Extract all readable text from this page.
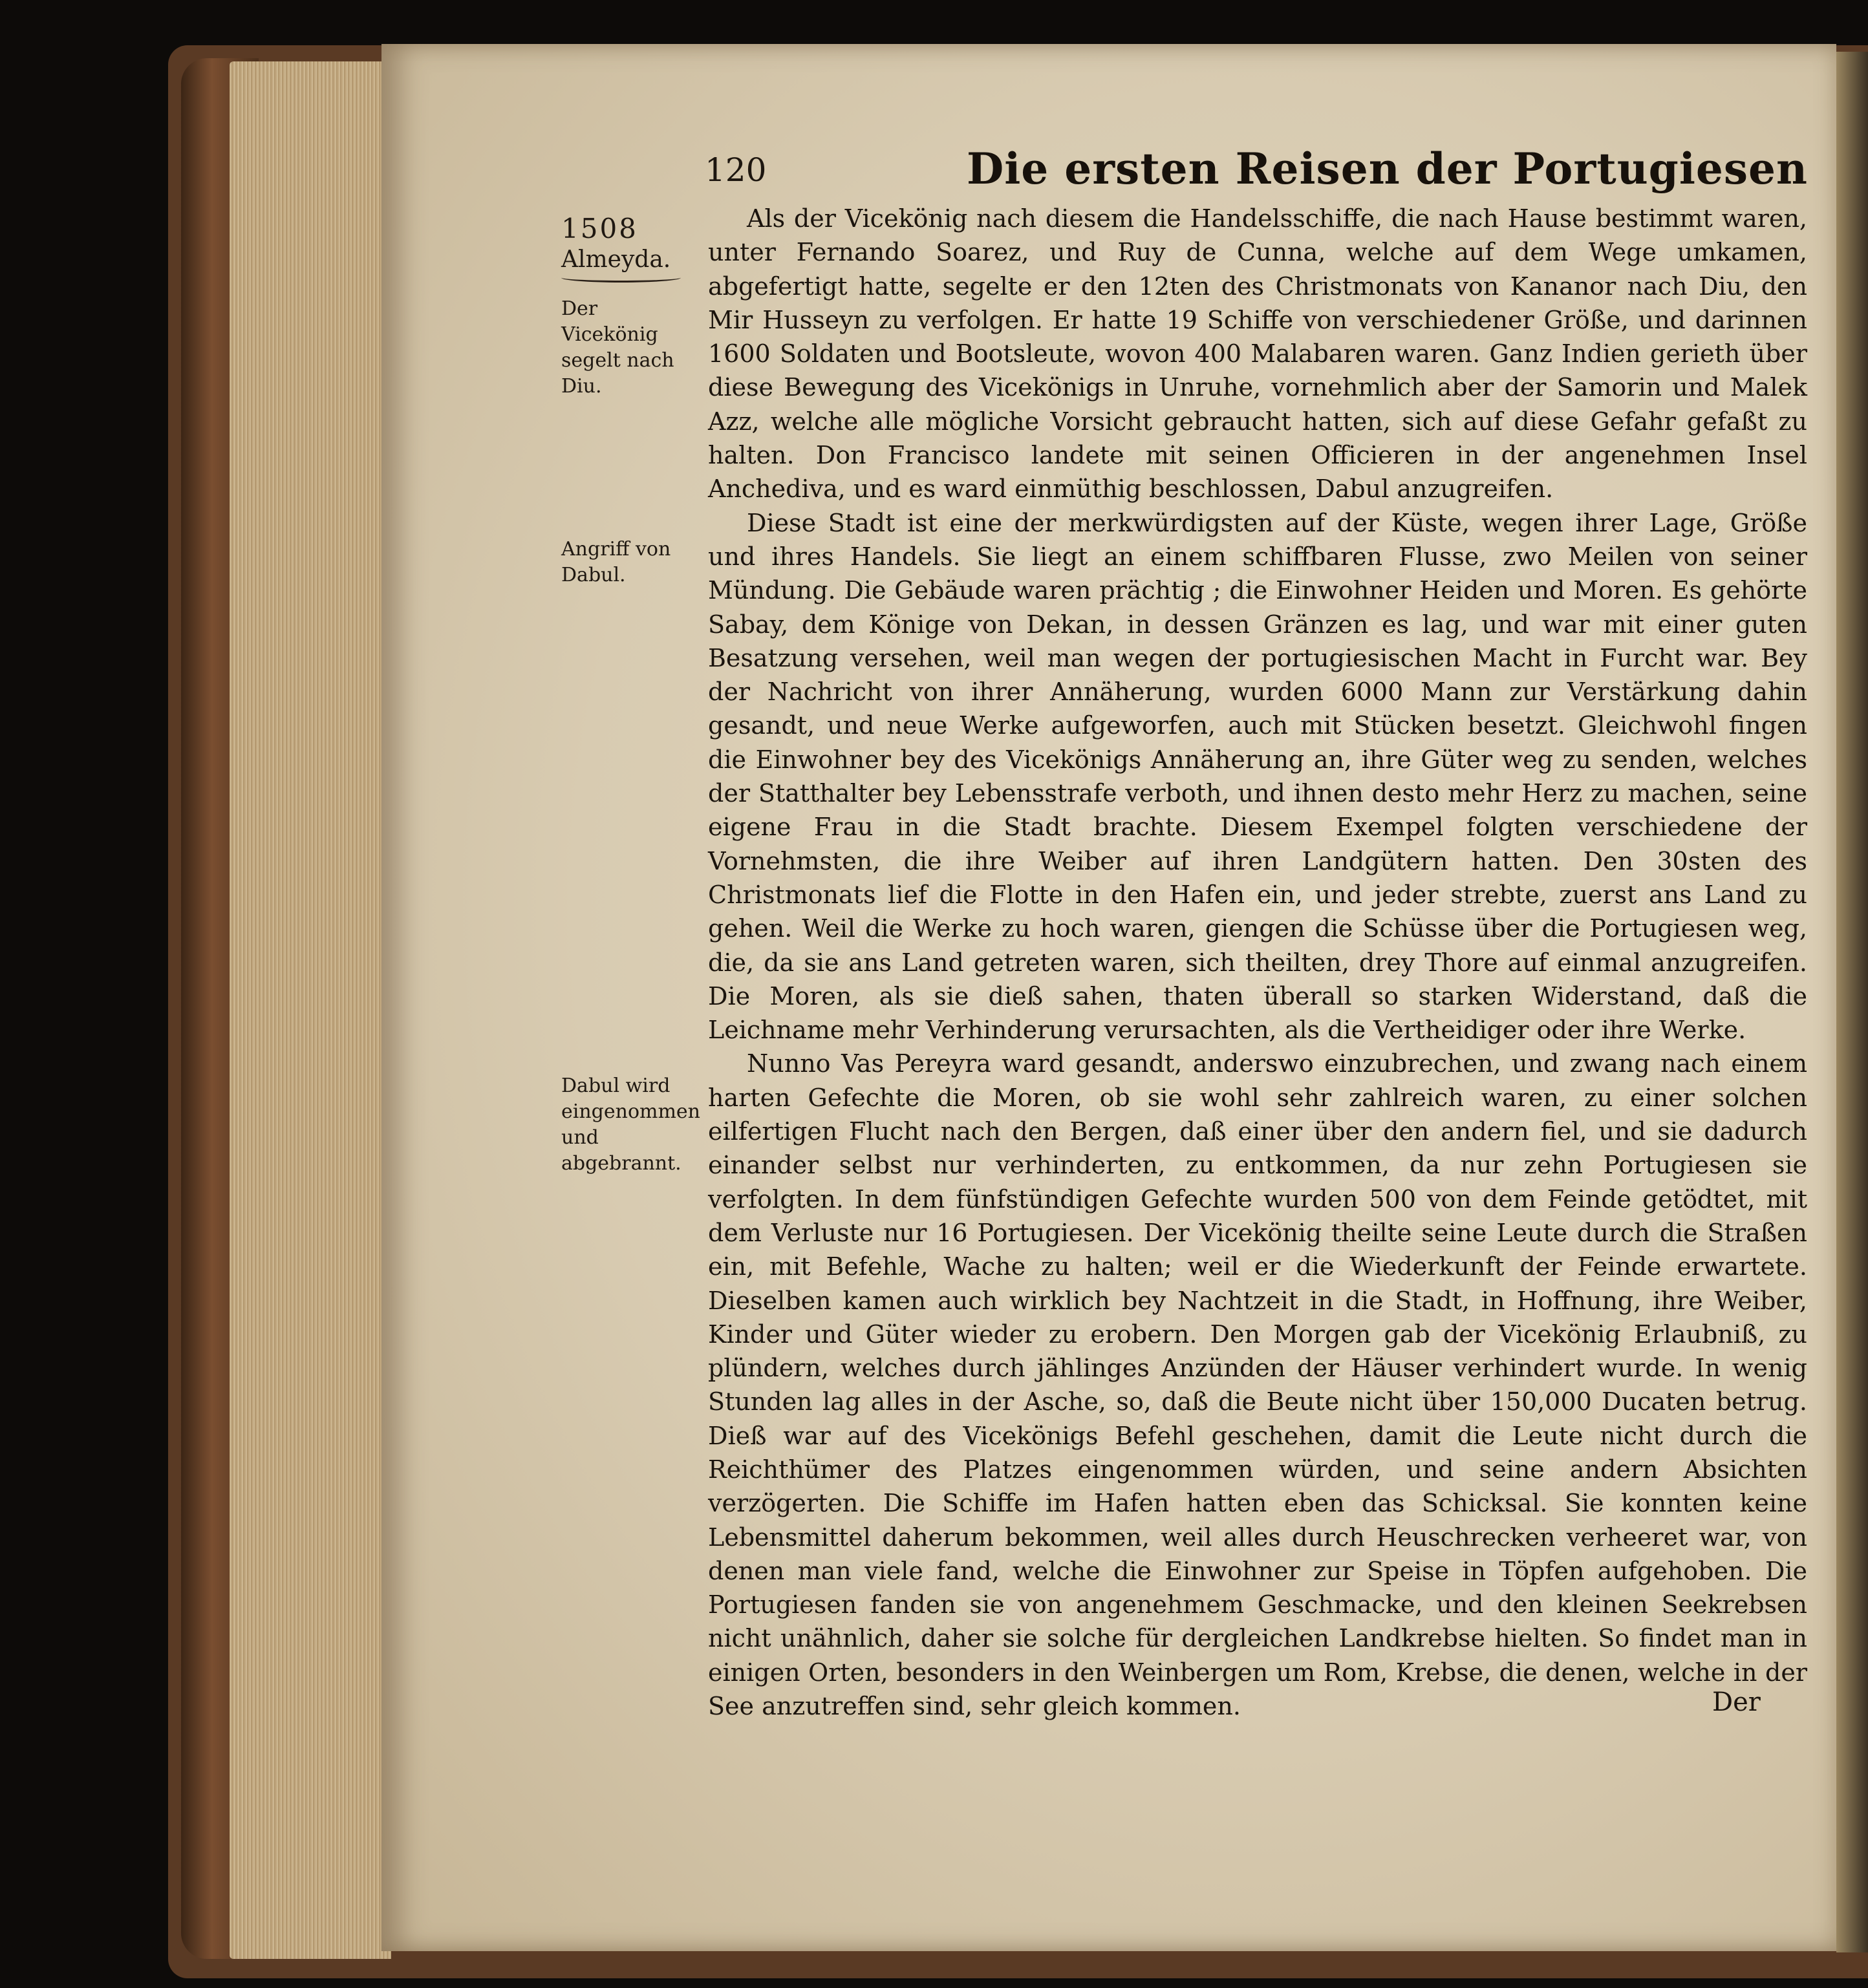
120	Die ersten Reisen der Portugiesen
1508
Almeyda.
Der Vicekönig segelt nach Diu.
Angriff von Dabul.
Dabul wird eingenommen und abgebrannt.

Als der Vicekönig nach diesem die Handelsschiffe, die nach Hause bestimmt waren, unter Fernando Soarez, und Ruy de Cunna, welche auf dem Wege umkamen, abgefertigt hatte, segelte er den 12ten des Christmonats von Kananor nach Diu, den Mir Husseyn zu verfolgen. Er hatte 19 Schiffe von verschiedener Größe, und darinnen 1600 Soldaten und Bootsleute, wovon 400 Malabaren waren. Ganz Indien gerieth über diese Bewegung des Vicekönigs in Unruhe, vornehmlich aber der Samorin und Malek Azz, welche alle mögliche Vorsicht gebraucht hatten, sich auf diese Gefahr gefaßt zu halten. Don Francisco landete mit seinen Officieren in der angenehmen Insel Anchediva, und es ward einmüthig beschlossen, Dabul anzugreifen.

Diese Stadt ist eine der merkwürdigsten auf der Küste, wegen ihrer Lage, Größe und ihres Handels. Sie liegt an einem schiffbaren Flusse, zwo Meilen von seiner Mündung. Die Gebäude waren prächtig ; die Einwohner Heiden und Moren. Es gehörte Sabay, dem Könige von Dekan, in dessen Gränzen es lag, und war mit einer guten Besatzung versehen, weil man wegen der portugiesischen Macht in Furcht war. Bey der Nachricht von ihrer Annäherung, wurden 6000 Mann zur Verstärkung dahin gesandt, und neue Werke aufgeworfen, auch mit Stücken besetzt. Gleichwohl fingen die Einwohner bey des Vicekönigs Annäherung an, ihre Güter weg zu senden, welches der Statthalter bey Lebensstrafe verboth, und ihnen desto mehr Herz zu machen, seine eigene Frau in die Stadt brachte. Diesem Exempel folgten verschiedene der Vornehmsten, die ihre Weiber auf ihren Landgütern hatten. Den 30sten des Christmonats lief die Flotte in den Hafen ein, und jeder strebte, zuerst ans Land zu gehen. Weil die Werke zu hoch waren, giengen die Schüsse über die Portugiesen weg, die, da sie ans Land getreten waren, sich theilten, drey Thore auf einmal anzugreifen. Die Moren, als sie dieß sahen, thaten überall so starken Widerstand, daß die Leichname mehr Verhinderung verursachten, als die Vertheidiger oder ihre Werke.

Nunno Vas Pereyra ward gesandt, anderswo einzubrechen, und zwang nach einem harten Gefechte die Moren, ob sie wohl sehr zahlreich waren, zu einer solchen eilfertigen Flucht nach den Bergen, daß einer über den andern fiel, und sie dadurch einander selbst nur verhinderten, zu entkommen, da nur zehn Portugiesen sie verfolgten. In dem fünfstündigen Gefechte wurden 500 von dem Feinde getödtet, mit dem Verluste nur 16 Portugiesen. Der Vicekönig theilte seine Leute durch die Straßen ein, mit Befehle, Wache zu halten; weil er die Wiederkunft der Feinde erwartete. Dieselben kamen auch wirklich bey Nachtzeit in die Stadt, in Hoffnung, ihre Weiber, Kinder und Güter wieder zu erobern. Den Morgen gab der Vicekönig Erlaubniß, zu plündern, welches durch jählinges Anzünden der Häuser verhindert wurde. In wenig Stunden lag alles in der Asche, so, daß die Beute nicht über 150,000 Ducaten betrug. Dieß war auf des Vicekönigs Befehl geschehen, damit die Leute nicht durch die Reichthümer des Platzes eingenommen würden, und seine andern Absichten verzögerten. Die Schiffe im Hafen hatten eben das Schicksal. Sie konnten keine Lebensmittel daherum bekommen, weil alles durch Heuschrecken verheeret war, von denen man viele fand, welche die Einwohner zur Speise in Töpfen aufgehoben. Die Portugiesen fanden sie von angenehmem Geschmacke, und den kleinen Seekrebsen nicht unähnlich, daher sie solche für dergleichen Landkrebse hielten. So findet man in einigen Orten, besonders in den Weinbergen um Rom, Krebse, die denen, welche in der See anzutreffen sind, sehr gleich kommen.	Der
